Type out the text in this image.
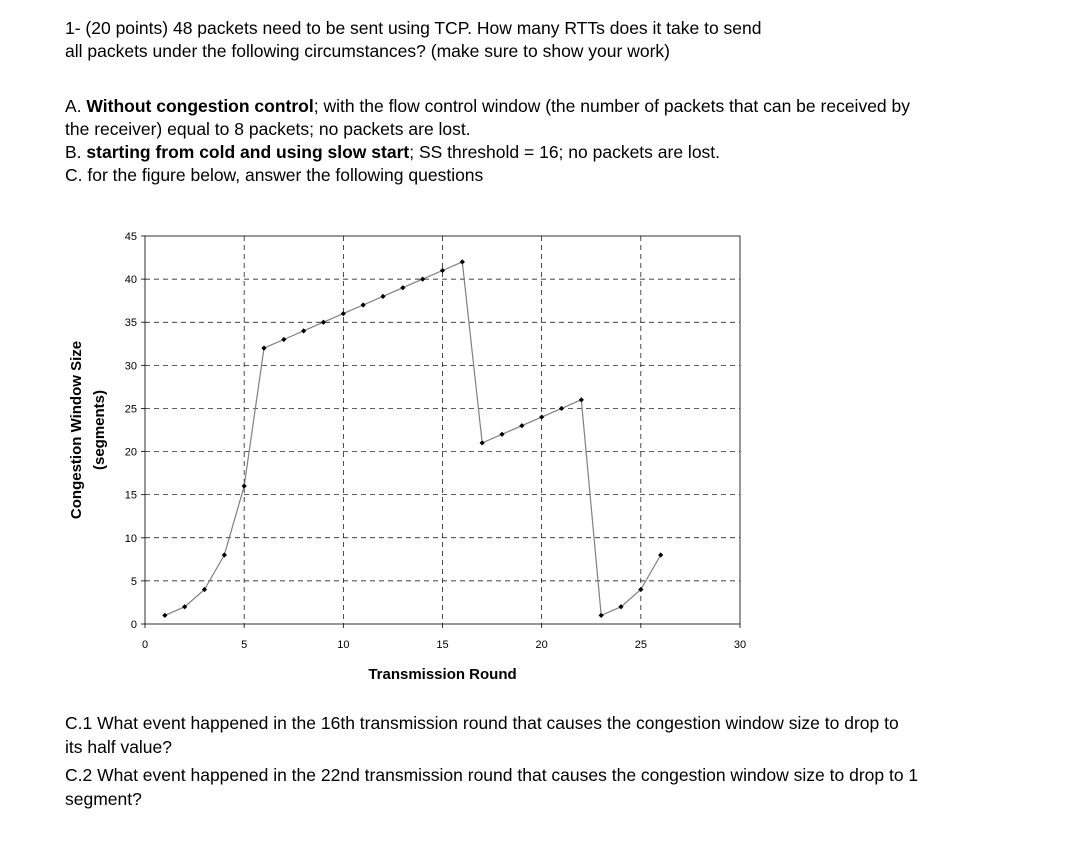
1- (20 points) 48 packets need to be sent using TCP. How many RTTs does it take to send
all packets under the following circumstances? (make sure to show your work)
A. Without congestion control; with the flow control window (the number of packets that can be received by
the receiver) equal to 8 packets; no packets are lost.
B. starting from cold and using slow start; SS threshold = 16; no packets are lost.
C. for the figure below, answer the following questions
0
5
10
15
20
25
30
35
40
45
0	5	10	15	20	25	30
Transmission Round
Congestion Window Size (segments)
C.1 What event happened in the 16th transmission round that causes the congestion window size to drop to
its half value?
C.2 What event happened in the 22nd transmission round that causes the congestion window size to drop to 1
segment?
